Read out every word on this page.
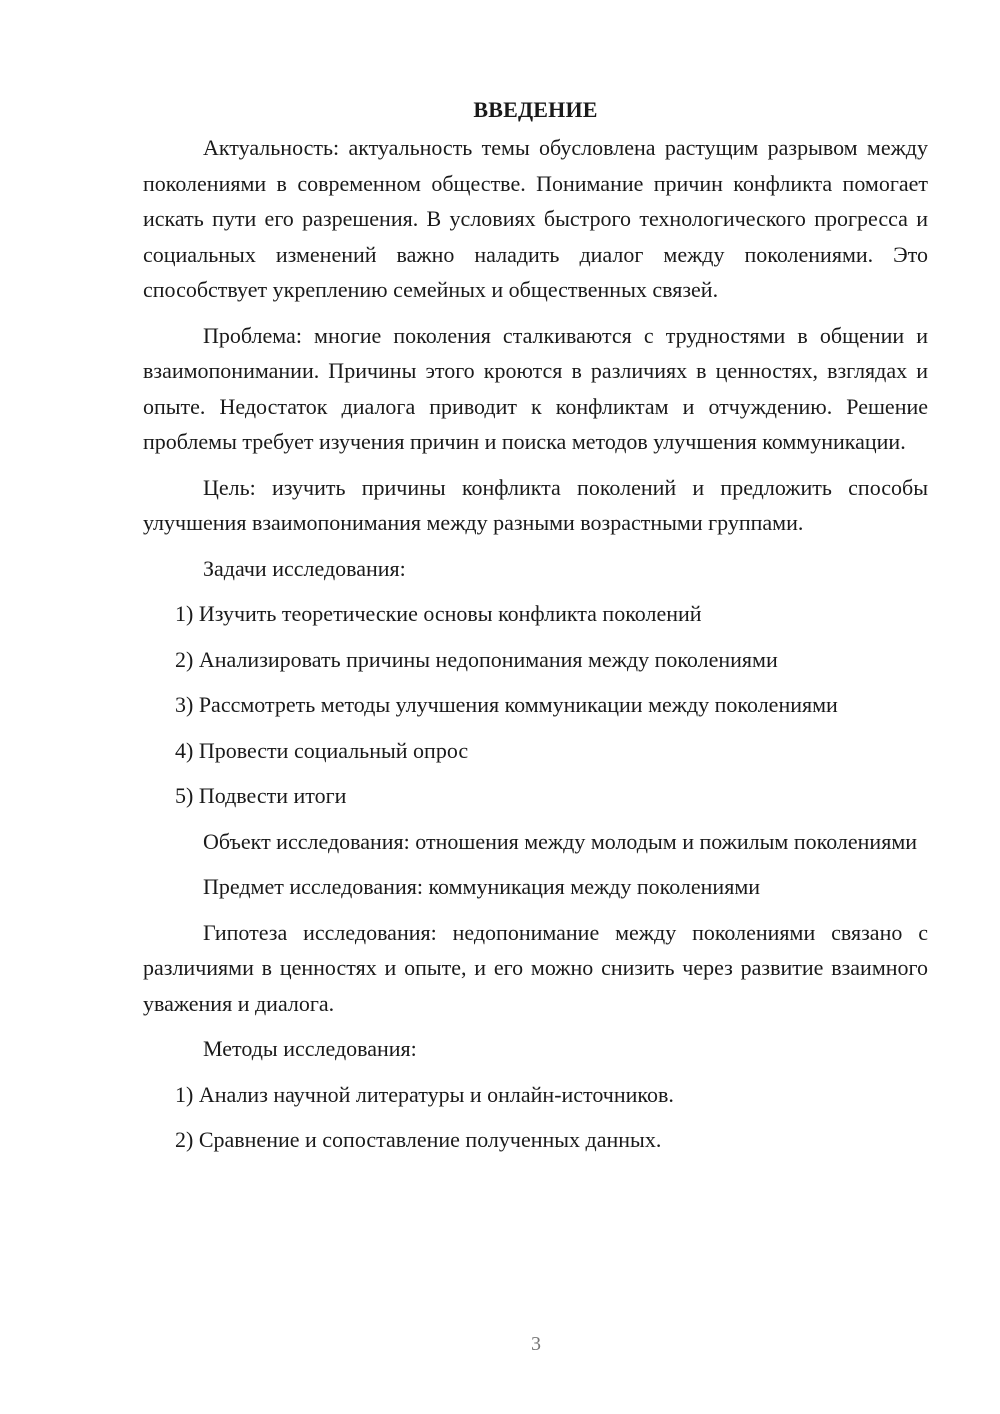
ВВЕДЕНИЕ

Актуальность: актуальность темы обусловлена растущим разрывом между поколениями в современном обществе. Понимание причин конфликта помогает искать пути его разрешения. В условиях быстрого технологического прогресса и социальных изменений важно наладить диалог между поколениями. Это способствует укреплению семейных и общественных связей.

Проблема: многие поколения сталкиваются с трудностями в общении и взаимопонимании. Причины этого кроются в различиях в ценностях, взглядах и опыте. Недостаток диалога приводит к конфликтам и отчуждению. Решение проблемы требует изучения причин и поиска методов улучшения коммуникации.

Цель: изучить причины конфликта поколений и предложить способы улучшения взаимопонимания между разными возрастными группами.

Задачи исследования:

1) Изучить теоретические основы конфликта поколений
2) Анализировать причины недопонимания между поколениями
3) Рассмотреть методы улучшения коммуникации между поколениями
4) Провести социальный опрос
5) Подвести итоги

Объект исследования: отношения между молодым и пожилым поколениями

Предмет исследования: коммуникация между поколениями

Гипотеза исследования: недопонимание между поколениями связано с различиями в ценностях и опыте, и его можно снизить через развитие взаимного уважения и диалога.

Методы исследования:

1) Анализ научной литературы и онлайн-источников.
2) Сравнение и сопоставление полученных данных.
3
